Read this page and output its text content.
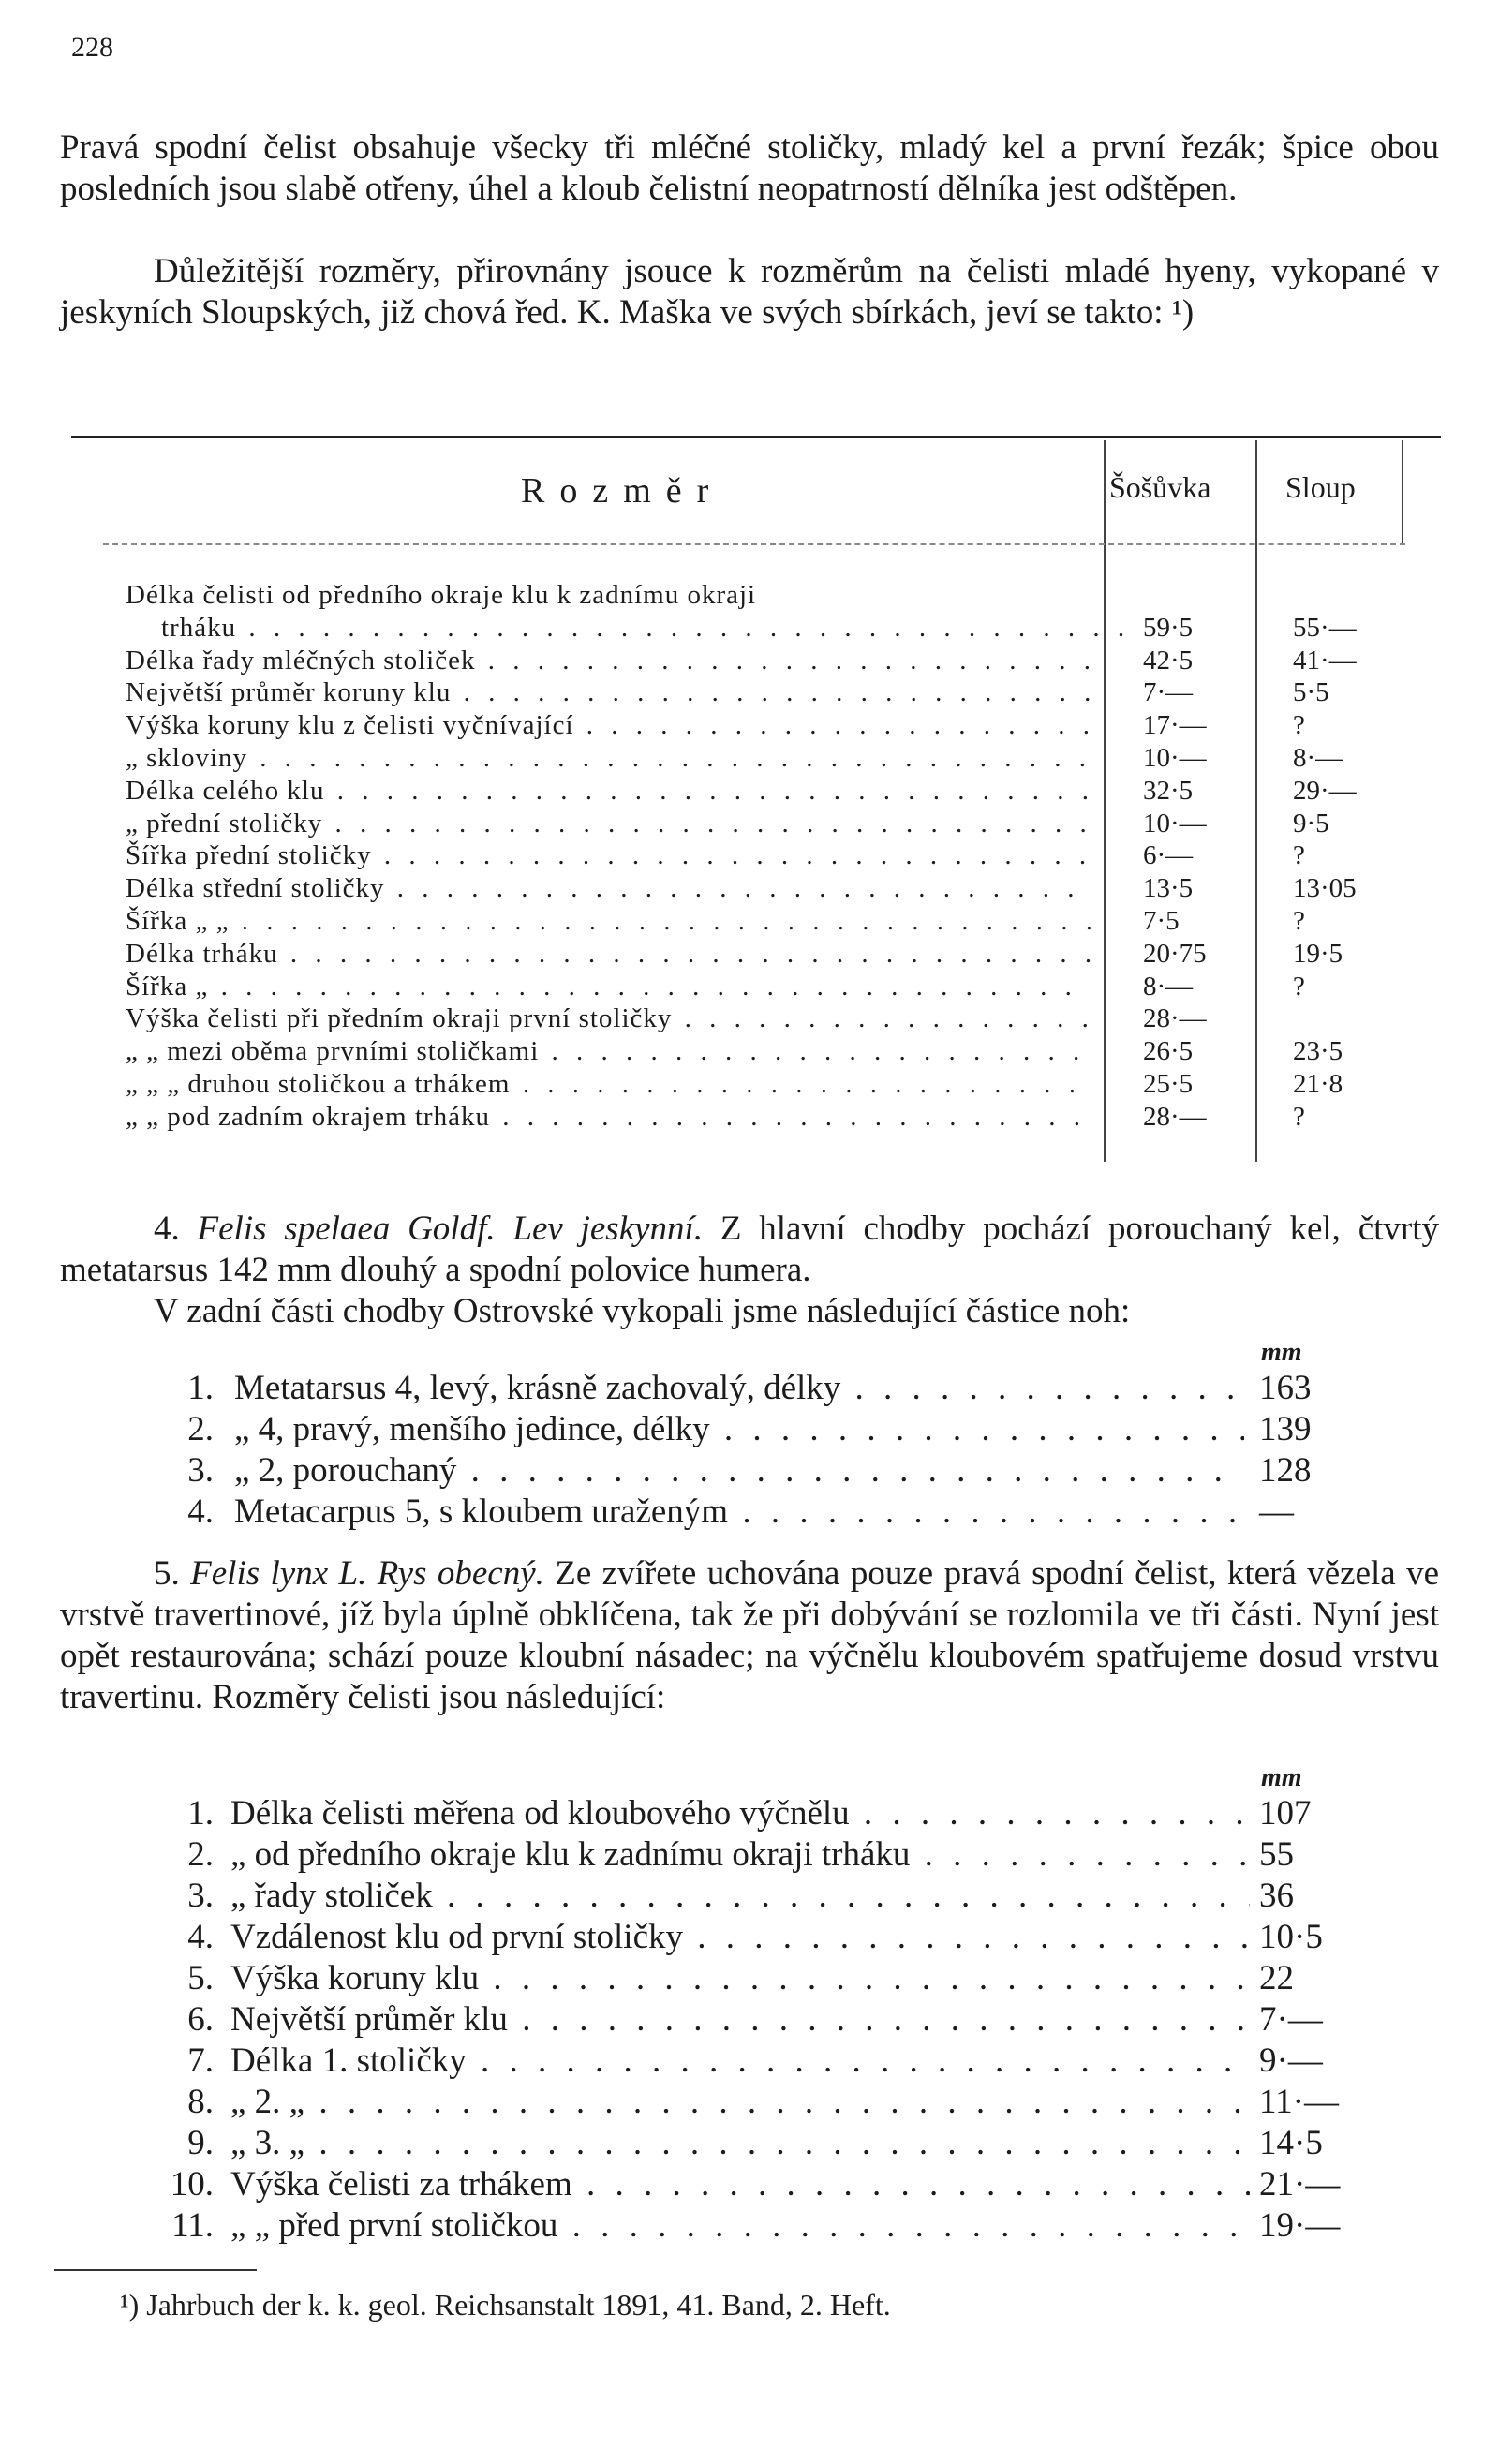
228

Pravá spodní čelist obsahuje všecky tři mléčné stoličky, mladý kel a první řezák; špice obou posledních jsou slabě otřeny, úhel a kloub čelistní neopatrností dělníka jest odštěpen.

Důležitější rozměry, přirovnány jsouce k rozměrům na čelisti mladé hyeny, vykopané v jeskyních Sloupských, již chová řed. K. Maška ve svých sbírkách, jeví se takto: ¹)

Rozměr	Šošůvka Sloup
Délka čelisti od předního okraje klu k zadnímu okraji
trháku . . .	59·5	55·—
Délka řady mléčných stoliček . . .	42·5	41·—
Největší průměr koruny klu . . .	7·—	5·5
Výška koruny klu z čelisti vyčnívající . . .	17·—	?
„ skloviny . . .	10·—	8·—
Délka celého klu . . .	32·5	29·—
„ přední stoličky . . .	10·—	9·5
Šířka přední stoličky . . .	6·—	?
Délka střední stoličky . . .	13·5	13·05
Šířka „ „ . . .	7·5	?
Délka trháku . . .	20·75	19·5
Šířka „ . . .	8·—	?
Výška čelisti při předním okraji první stoličky . . .	28·—
„ „ mezi oběma prvními stoličkami . . .	26·5	23·5
„ „ „ druhou stoličkou a trhákem . . .	25·5	21·8
„ „ pod zadním okrajem trháku . . .	28·—	?

4. Felis spelaea Goldf. Lev jeskynní. Z hlavní chodby pochází porouchaný kel, čtvrtý metatarsus 142 mm dlouhý a spodní polovice humera.

V zadní části chodby Ostrovské vykopali jsme následující částice noh:

mm
1. Metatarsus 4, levý, krásně zachovalý, délky . . .	163
2. „ 4, pravý, menšího jedince, délky . . .	139
3. „ 2, porouchaný . . .	128
4. Metacarpus 5, s kloubem uraženým . . .	—

5. Felis lynx L. Rys obecný. Ze zvířete uchována pouze pravá spodní čelist, která vězela ve vrstvě travertinové, jíž byla úplně obklíčena, tak že při dobývání se rozlomila ve tři části. Nyní jest opět restaurována; schází pouze kloubní násadec; na výčnělu kloubovém spatřujeme dosud vrstvu travertinu. Rozměry čelisti jsou následující:

mm
1. Délka čelisti měřena od kloubového výčnělu . . .	107
2. „ od předního okraje klu k zadnímu okraji trháku . . .	55
3. „ řady stoliček . . .	36
4. Vzdálenost klu od první stoličky . . .	10·5
5. Výška koruny klu . . .	22
6. Největší průměr klu . . .	7·—
7. Délka 1. stoličky . . .	9·—
8. „ 2. „ . . .	11·—
9. „ 3. „ . . .	14·5
10. Výška čelisti za trhákem . . .	21·—
11. „ „ před první stoličkou . . .	19·—
¹) Jahrbuch der k. k. geol. Reichsanstalt 1891, 41. Band, 2. Heft.
